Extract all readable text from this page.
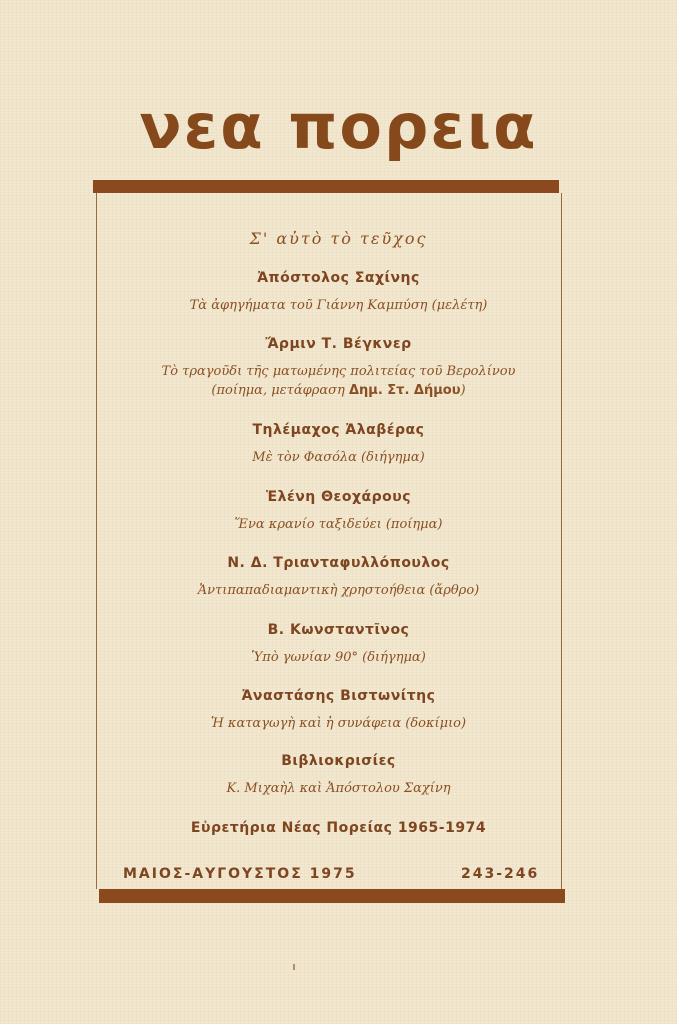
νεα πορεια
Σ' αὐτὸ τὸ τεῦχος
Ἀπόστολος Σαχίνης
Τὰ ἀφηγήματα τοῦ Γιάννη Καμπύση (μελέτη)
Ἄρμιν Τ. Βέγκνερ
Τὸ τραγοῦδι τῆς ματωμένης πολιτείας τοῦ Βερολίνου
(ποίημα, μετάφραση Δημ. Στ. Δήμου)
Τηλέμαχος Ἀλαβέρας
Μὲ τὸν Φασόλα (διήγημα)
Ἑλένη Θεοχάρους
Ἕνα κρανίο ταξιδεύει (ποίημα)
Ν. Δ. Τριανταφυλλόπουλος
Ἀντιπαπαδιαμαντικὴ χρηστοήθεια (ἄρθρο)
Β. Κωνσταντῖνος
Ὑπὸ γωνίαν 90° (διήγημα)
Ἀναστάσης Βιστωνίτης
Ἡ καταγωγὴ καὶ ἡ συνάφεια (δοκίμιο)
Βιβλιοκρισίες
Κ. Μιχαὴλ καὶ Ἀπόστολου Σαχίνη
Εὑρετήρια Νέας Πορείας 1965-1974
ΜΑΙΟΣ-ΑΥΓΟΥΣΤΟΣ 1975	243-246
